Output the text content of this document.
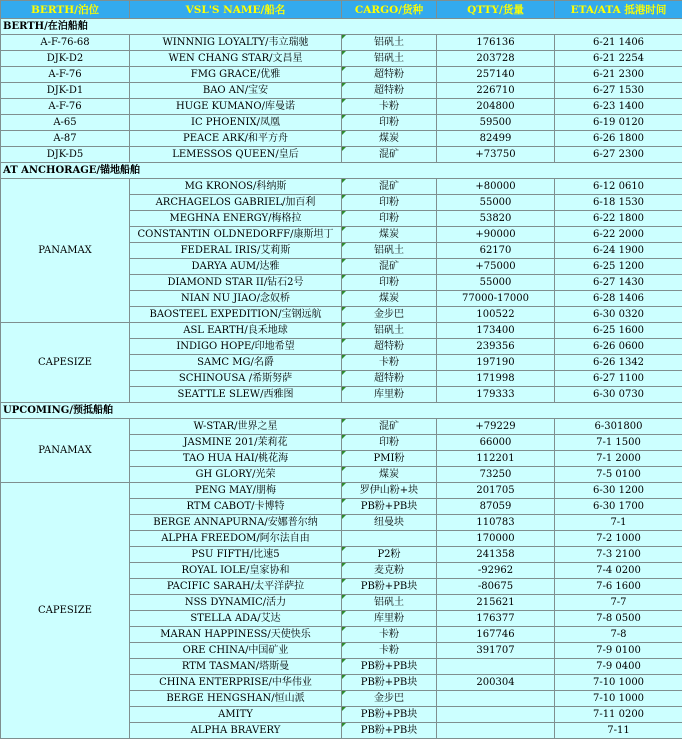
BERTH/泊位	VSL'S NAME/船名	CARGO/货种	QTTY/货量	ETA/ATA 抵港时间
BERTH/在泊船舶				
A-F-76-68	WINNNIG LOYALTY/韦立瑞驰	铝矾土	176136	6-21 1406
DJK-D2	WEN CHANG STAR/文昌星	铝矾土	203728	6-21 2254
A-F-76	FMG GRACE/优雅	超特粉	257140	6-21 2300
DJK-D1	BAO AN/宝安	超特粉	226710	6-27 1530
A-F-76	HUGE KUMANO/库曼诺	卡粉	204800	6-23 1400
A-65	IC PHOENIX/凤凰	印粉	59500	6-19 0120
A-87	PEACE ARK/和平方舟	煤炭	82499	6-26 1800
DJK-D5	LEMESSOS QUEEN/皇后	混矿	+73750	6-27 2300
AT ANCHORAGE/锚地船舶				
PANAMAX	MG KRONOS/科纳斯	混矿	+80000	6-12 0610
	ARCHAGELOS GABRIEL/加百利	印粉	55000	6-18 1530
	MEGHNA ENERGY/梅格拉	印粉	53820	6-22 1800
	CONSTANTIN OLDNEDORFF/康斯坦丁	煤炭	+90000	6-22 2000
	FEDERAL IRIS/艾莉斯	铝矾土	62170	6-24 1900
	DARYA AUM/达雅	混矿	+75000	6-25 1200
	DIAMOND STAR II/钻石2号	印粉	55000	6-27 1430
	NIAN NU JIAO/念奴桥	煤炭	77000-17000	6-28 1406
	BAOSTEEL EXPEDITION/宝钢远航	金步巴	100522	6-30 0320
CAPESIZE	ASL EARTH/良禾地球	铝矾土	173400	6-25 1600
	INDIGO HOPE/印地希望	超特粉	239356	6-26 0600
	SAMC MG/名爵	卡粉	197190	6-26 1342
	SCHINOUSA /希斯努萨	超特粉	171998	6-27 1100
	SEATTLE SLEW/西雅图	库里粉	179333	6-30 0730
UPCOMING/预抵船舶				
PANAMAX	W-STAR/世界之星	混矿	+79229	6-301800
	JASMINE 201/茉莉花	印粉	66000	7-1 1500
	TAO HUA HAI/桃花海	PMI粉	112201	7-1 2000
	GH GLORY/光荣	煤炭	73250	7-5 0100
CAPESIZE	PENG MAY/朋梅	罗伊山粉+块	201705	6-30 1200
	RTM CABOT/卡博特	PB粉+PB块	87059	6-30 1700
	BERGE ANNAPURNA/安娜普尔纳	纽曼块	110783	7-1
	ALPHA FREEDOM/阿尔法自由		170000	7-2 1000
	PSU FIFTH/比速5	P2粉	241358	7-3 2100
	ROYAL IOLE/皇家协和	麦克粉	-92962	7-4 0200
	PACIFIC SARAH/太平洋萨拉	PB粉+PB块	-80675	7-6 1600
	NSS DYNAMIC/活力	铝矾土	215621	7-7
	STELLA ADA/艾达	库里粉	176377	7-8 0500
	MARAN HAPPINESS/天使快乐	卡粉	167746	7-8
	ORE CHINA/中国矿业	卡粉	391707	7-9 0100
	RTM TASMAN/塔斯曼	PB粉+PB块		7-9 0400
	CHINA ENTERPRISE/中华伟业	PB粉+PB块	200304	7-10 1000
	BERGE HENGSHAN/恒山派	金步巴		7-10 1000
	AMITY	PB粉+PB块		7-11 0200
	ALPHA BRAVERY	PB粉+PB块		7-11
